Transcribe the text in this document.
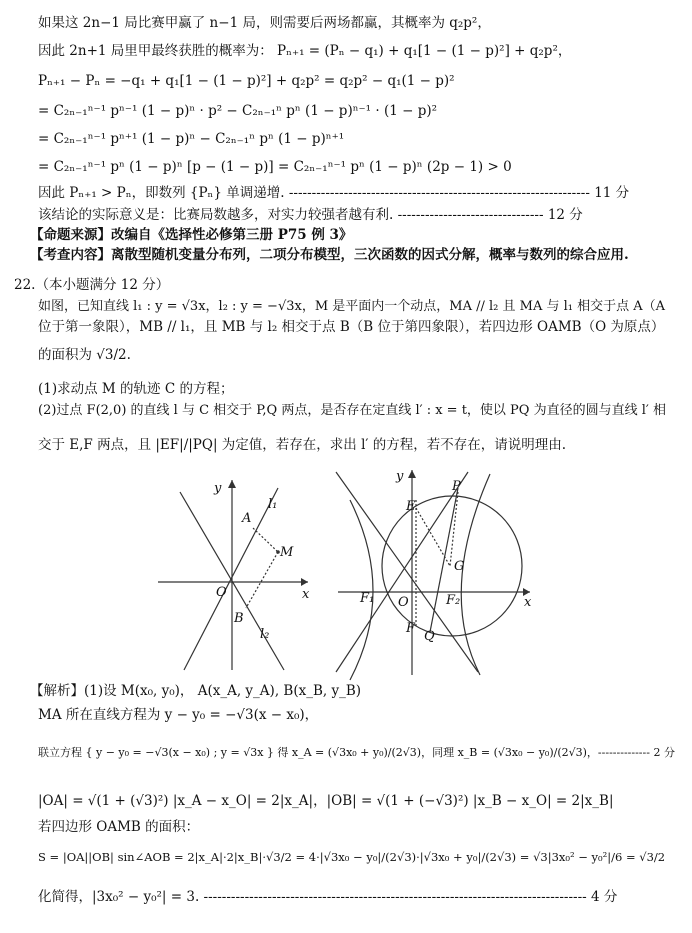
如果这 2n−1 局比赛甲赢了 n−1 局，则需要后两场都赢，其概率为 q₂p²，
因此 2n+1 局里甲最终获胜的概率为： Pₙ₊₁ = (Pₙ − q₁) + q₁[1 − (1 − p)²] + q₂p²，
Pₙ₊₁ − Pₙ = −q₁ + q₁[1 − (1 − p)²] + q₂p² = q₂p² − q₁(1 − p)²
= C₂ₙ₋₁ⁿ⁻¹ pⁿ⁻¹ (1 − p)ⁿ · p² − C₂ₙ₋₁ⁿ pⁿ (1 − p)ⁿ⁻¹ · (1 − p)²
= C₂ₙ₋₁ⁿ⁻¹ pⁿ⁺¹ (1 − p)ⁿ − C₂ₙ₋₁ⁿ pⁿ (1 − p)ⁿ⁺¹
= C₂ₙ₋₁ⁿ⁻¹ pⁿ (1 − p)ⁿ [p − (1 − p)] = C₂ₙ₋₁ⁿ⁻¹ pⁿ (1 − p)ⁿ (2p − 1) > 0
因此 Pₙ₊₁ > Pₙ，即数列 {Pₙ} 单调递增. ------------------------------------------------------------------ 11 分
该结论的实际意义是：比赛局数越多，对实力较强者越有利. -------------------------------- 12 分
【命题来源】改编自《选择性必修第三册 P75 例 3》
【考查内容】离散型随机变量分布列，二项分布模型，三次函数的因式分解，概率与数列的综合应用.
22.（本小题满分 12 分）
如图，已知直线 l₁ : y = √3x，l₂ : y = −√3x，M 是平面内一个动点，MA // l₂ 且 MA 与 l₁ 相交于点 A（A
位于第一象限），MB // l₁，且 MB 与 l₂ 相交于点 B（B 位于第四象限），若四边形 OAMB（O 为原点）
的面积为 √3/2.
(1)求动点 M 的轨迹 C 的方程；
(2)过点 F(2,0) 的直线 l 与 C 相交于 P,Q 两点，是否存在定直线 l′ : x = t，使以 PQ 为直径的圆与直线 l′ 相
交于 E,F 两点，且 |EF|/|PQ| 为定值，若存在，求出 l′ 的方程，若不存在，请说明理由.
【解析】(1)设 M(x₀, y₀)， A(x_A, y_A), B(x_B, y_B)
MA 所在直线方程为 y − y₀ = −√3(x − x₀)，
联立方程 { y − y₀ = −√3(x − x₀) ; y = √3x } 得 x_A = (√3x₀ + y₀)/(2√3)，同理 x_B = (√3x₀ − y₀)/(2√3)，-------------- 2 分
|OA| = √(1 + (√3)²) |x_A − x_O| = 2|x_A|，|OB| = √(1 + (−√3)²) |x_B − x_O| = 2|x_B|
若四边形 OAMB 的面积：
S = |OA||OB| sin∠AOB = 2|x_A|·2|x_B|·√3/2 = 4·|√3x₀ − y₀|/(2√3)·|√3x₀ + y₀|/(2√3) = √3|3x₀² − y₀²|/6 = √3/2
化简得，|3x₀² − y₀²| = 3. ------------------------------------------------------------------------------------ 4 分
y
x
O
A
M
B
l₁
l₂
y
x
O
E
P
G
F₁	F₂
F
Q
